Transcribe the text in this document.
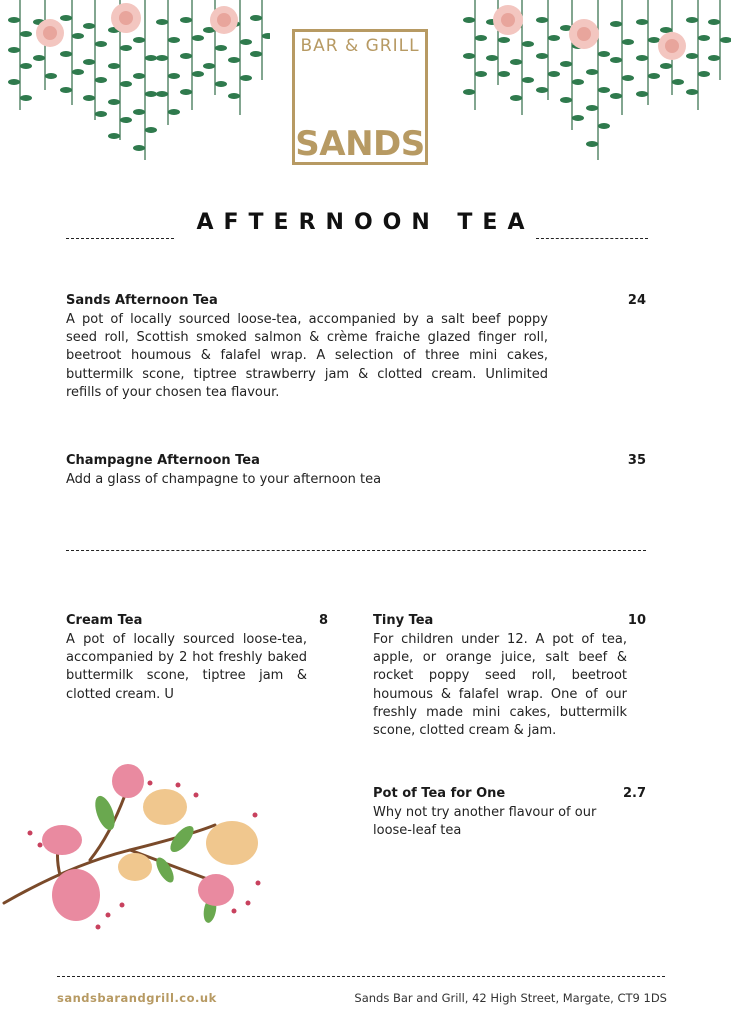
BAR & GRILL
SANDS
AFTERNOON TEA
Sands Afternoon Tea	24
A pot of locally sourced loose-tea, accompanied by a salt beef poppy seed roll, Scottish smoked salmon & crème fraiche glazed finger roll, beetroot houmous & falafel wrap. A selection of three mini cakes, buttermilk scone, tiptree strawberry jam & clotted cream. Unlimited refills of your chosen tea flavour.
Champagne Afternoon Tea	35
Add a glass of champagne to your afternoon tea
Cream Tea	8
A pot of locally sourced loose-tea, accompanied by 2 hot freshly baked buttermilk scone, tiptree jam & clotted cream. U
Tiny Tea	10
For children under 12. A pot of tea, apple, or orange juice, salt beef & rocket poppy seed roll, beetroot houmous & falafel wrap. One of our freshly made mini cakes, buttermilk scone, clotted cream & jam.
Pot of Tea for One	2.7
Why not try another flavour of our loose-leaf tea
sandsbarandgrill.co.uk	Sands Bar and Grill, 42 High Street, Margate, CT9 1DS
